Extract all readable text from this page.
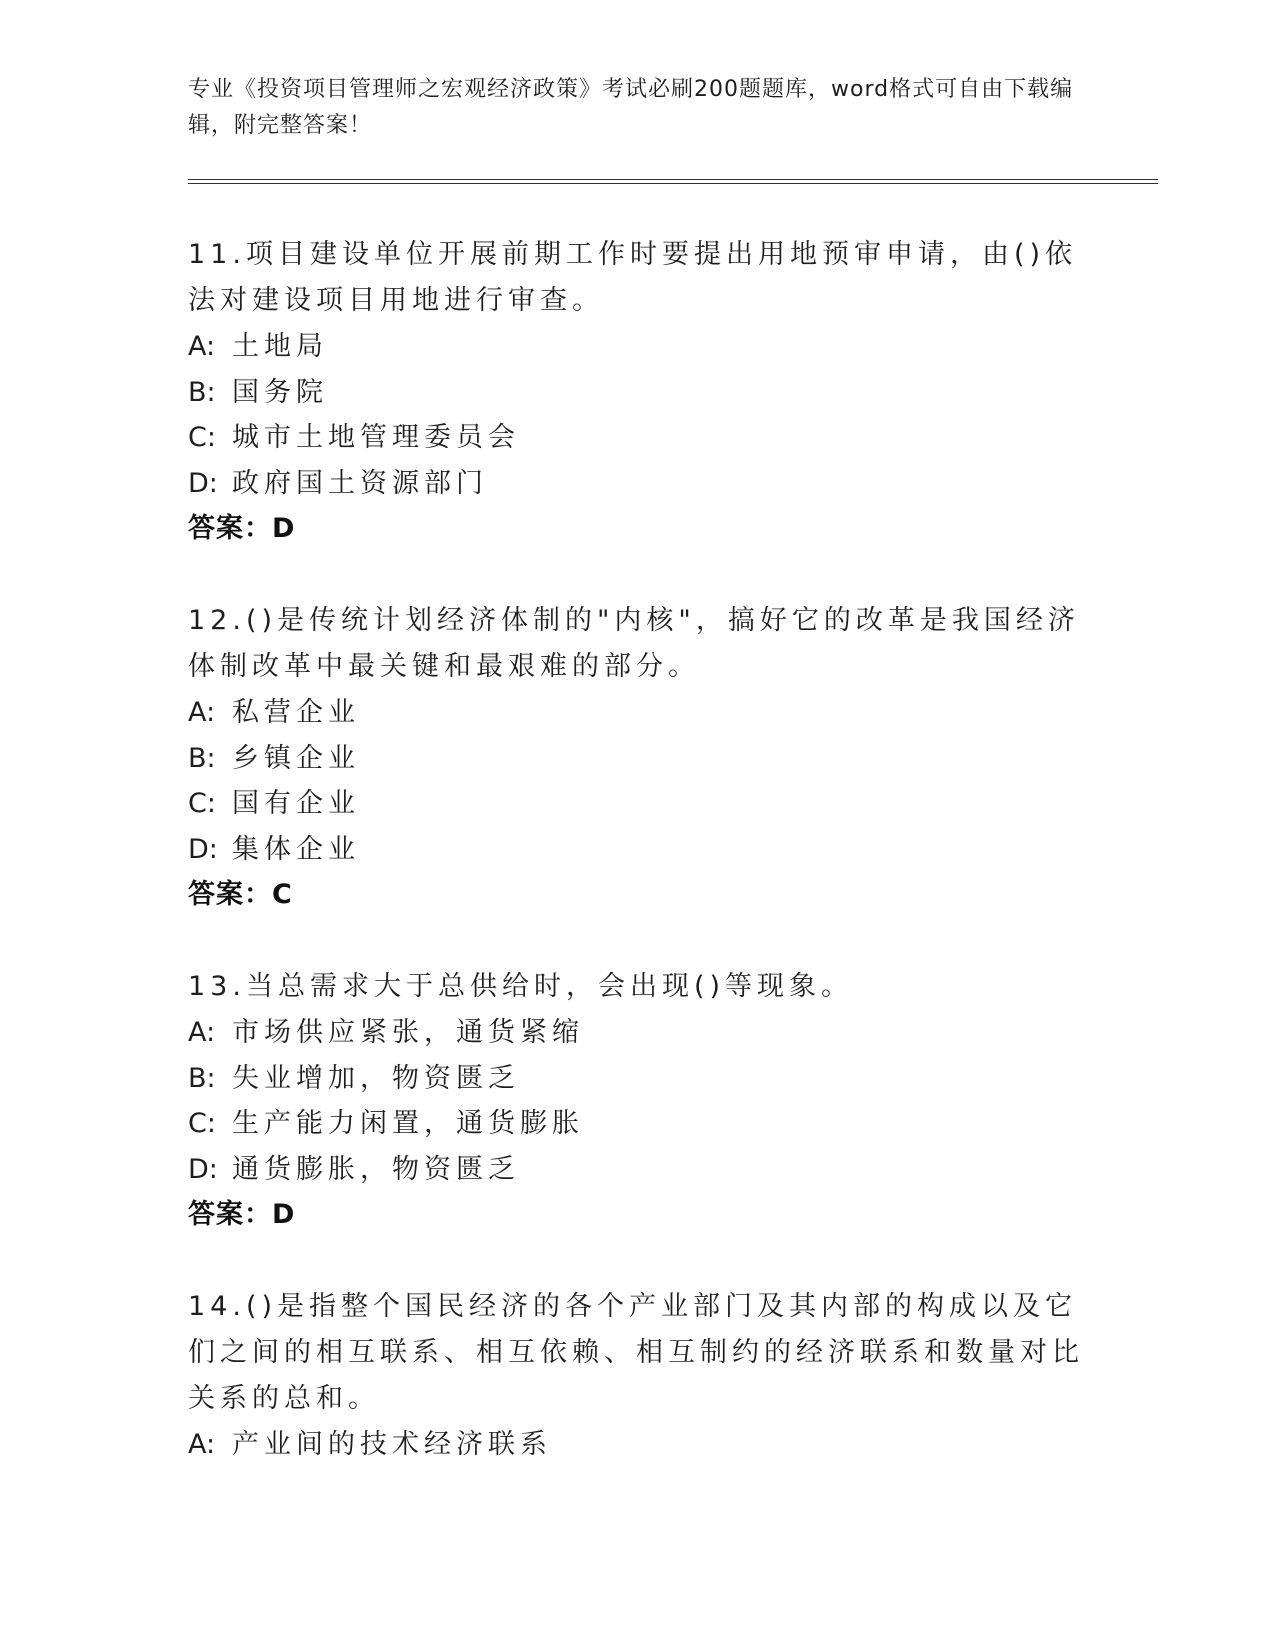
专业《投资项目管理师之宏观经济政策》考试必刷200题题库，word格式可自由下载编辑，附完整答案！
11.项目建设单位开展前期工作时要提出用地预审申请，由()依法对建设项目用地进行审查。
A: 土地局
B: 国务院
C: 城市土地管理委员会
D: 政府国土资源部门
答案：D
12.()是传统计划经济体制的"内核"，搞好它的改革是我国经济体制改革中最关键和最艰难的部分。
A: 私营企业
B: 乡镇企业
C: 国有企业
D: 集体企业
答案：C
13.当总需求大于总供给时，会出现()等现象。
A: 市场供应紧张，通货紧缩
B: 失业增加，物资匮乏
C: 生产能力闲置，通货膨胀
D: 通货膨胀，物资匮乏
答案：D
14.()是指整个国民经济的各个产业部门及其内部的构成以及它们之间的相互联系、相互依赖、相互制约的经济联系和数量对比关系的总和。
A: 产业间的技术经济联系
